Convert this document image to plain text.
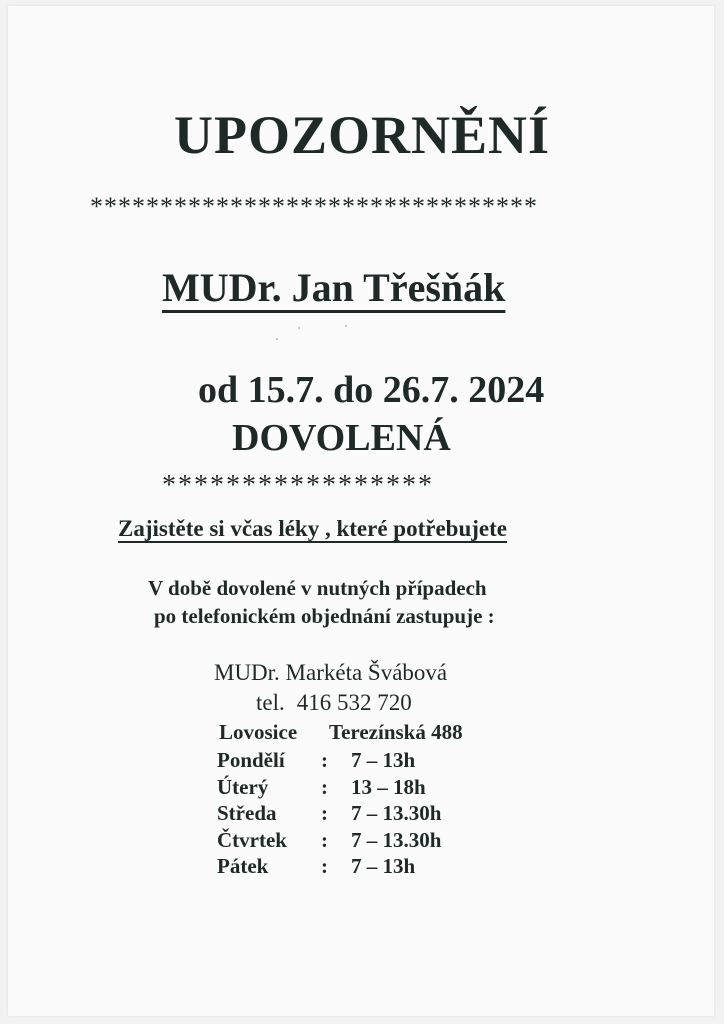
UPOZORNĚNÍ
********************************
MUDr. Jan Třešňák
od 15.7. do 26.7. 2024
DOVOLENÁ
*****************
Zajistěte si včas léky , které potřebujete
V době dovolené v nutných případech
po telefonickém objednání zastupuje :
MUDr. Markéta Švábová
tel. 416 532 720
Lovosice Terezínská 488
Pondělí : 7 – 13h
Úterý	: 13 – 18h
Středa : 7 – 13.30h
Čtvrtek : 7 – 13.30h
Pátek	: 7 – 13h
